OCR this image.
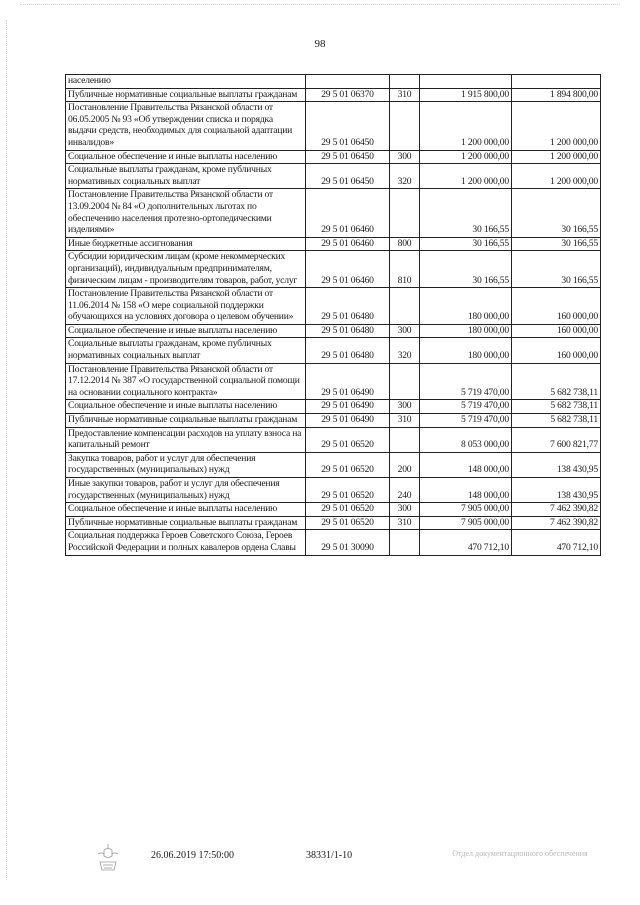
98
населению				
Публичные нормативные социальные выплаты гражданам	29 5 01 06370	310	1 915 800,00	1 894 800,00
Постановление Правительства Рязанской области от 06.05.2005 № 93 «Об утверждении списка и порядка выдачи средств, необходимых для социальной адаптации инвалидов»	29 5 01 06450		1 200 000,00	1 200 000,00
Социальное обеспечение и иные выплаты населению	29 5 01 06450	300	1 200 000,00	1 200 000,00
Социальные выплаты гражданам, кроме публичных нормативных социальных выплат	29 5 01 06450	320	1 200 000,00	1 200 000,00
Постановление Правительства Рязанской области от 13.09.2004 № 84 «О дополнительных льготах по обеспечению населения протезно-ортопедическими изделиями»	29 5 01 06460		30 166,55	30 166,55
Иные бюджетные ассигнования	29 5 01 06460	800	30 166,55	30 166,55
Субсидии юридическим лицам (кроме некоммерческих организаций), индивидуальным предпринимателям, физическим лицам - производителям товаров, работ, услуг	29 5 01 06460	810	30 166,55	30 166,55
Постановление Правительства Рязанской области от 11.06.2014 № 158 «О мере социальной поддержки обучающихся на условиях договора о целевом обучении»	29 5 01 06480		180 000,00	160 000,00
Социальное обеспечение и иные выплаты населению	29 5 01 06480	300	180 000,00	160 000,00
Социальные выплаты гражданам, кроме публичных нормативных социальных выплат	29 5 01 06480	320	180 000,00	160 000,00
Постановление Правительства Рязанской области от 17.12.2014 № 387 «О государственной социальной помощи на основании социального контракта»	29 5 01 06490		5 719 470,00	5 682 738,11
Социальное обеспечение и иные выплаты населению	29 5 01 06490	300	5 719 470,00	5 682 738,11
Публичные нормативные социальные выплаты гражданам	29 5 01 06490	310	5 719 470,00	5 682 738,11
Предоставление компенсации расходов на уплату взноса на капитальный ремонт	29 5 01 06520		8 053 000,00	7 600 821,77
Закупка товаров, работ и услуг для обеспечения государственных (муниципальных) нужд	29 5 01 06520	200	148 000,00	138 430,95
Иные закупки товаров, работ и услуг для обеспечения государственных (муниципальных) нужд	29 5 01 06520	240	148 000,00	138 430,95
Социальное обеспечение и иные выплаты населению	29 5 01 06520	300	7 905 000,00	7 462 390,82
Публичные нормативные социальные выплаты гражданам	29 5 01 06520	310	7 905 000,00	7 462 390,82
Социальная поддержка Героев Советского Союза, Героев Российской Федерации и полных кавалеров ордена Славы	29 5 01 30090		470 712,10	470 712,10
26.06.2019 17:50:00	38331/1-10	Отдел документационного обеспечения
